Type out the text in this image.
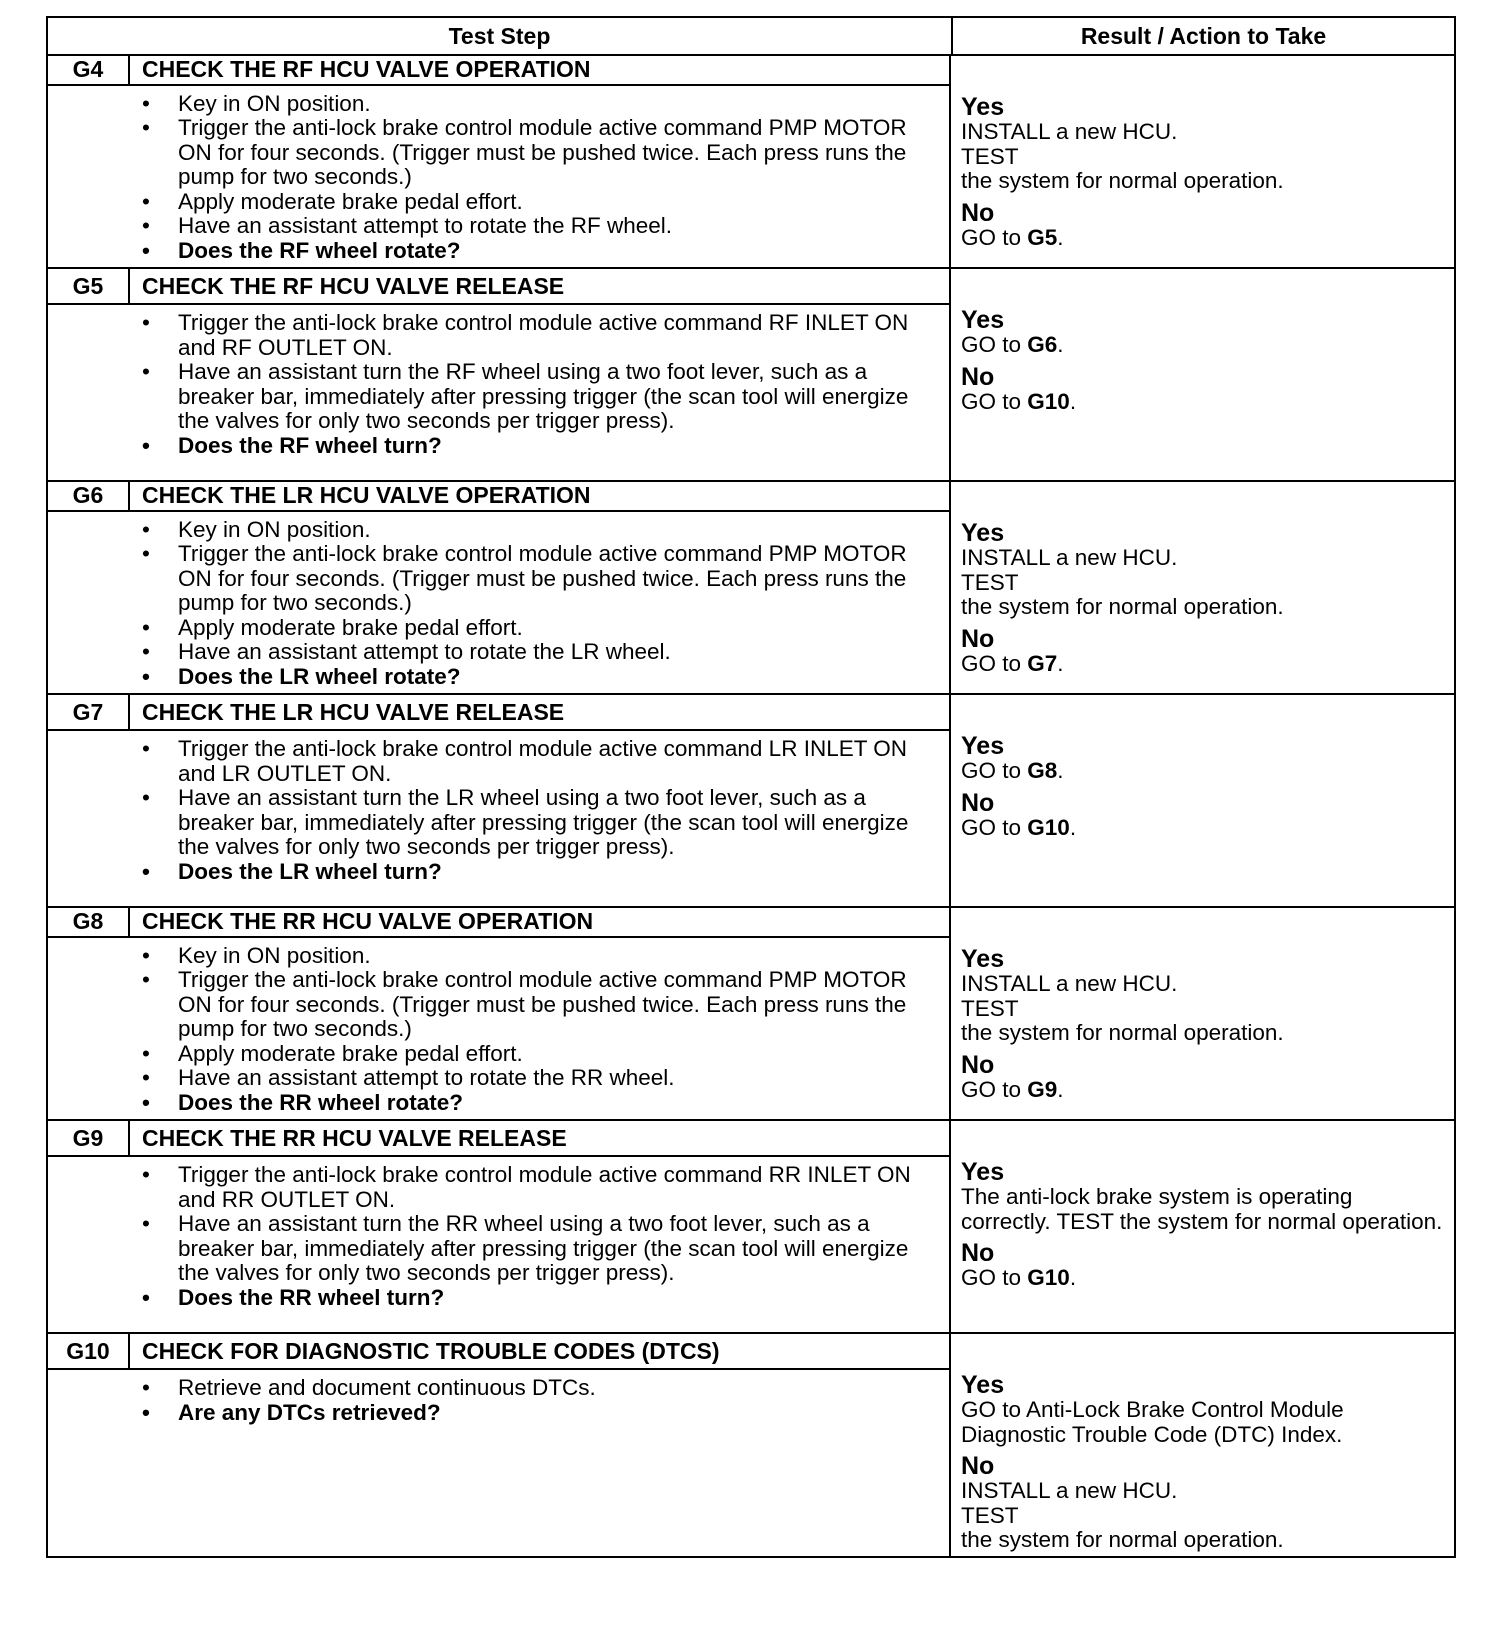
Test Step	Result / Action to Take
G4	CHECK THE RF HCU VALVE OPERATION
• Key in ON position.
• Trigger the anti-lock brake control module active command PMP MOTOR ON for four seconds. (Trigger must be pushed twice. Each press runs the pump for two seconds.)
• Apply moderate brake pedal effort.
• Have an assistant attempt to rotate the RF wheel.
• Does the RF wheel rotate?
Yes
INSTALL a new HCU.
TEST
the system for normal operation.
No
GO to G5.
G5	CHECK THE RF HCU VALVE RELEASE
• Trigger the anti-lock brake control module active command RF INLET ON and RF OUTLET ON.
• Have an assistant turn the RF wheel using a two foot lever, such as a breaker bar, immediately after pressing trigger (the scan tool will energize the valves for only two seconds per trigger press).
• Does the RF wheel turn?
Yes
GO to G6.
No
GO to G10.
G6	CHECK THE LR HCU VALVE OPERATION
• Key in ON position.
• Trigger the anti-lock brake control module active command PMP MOTOR ON for four seconds. (Trigger must be pushed twice. Each press runs the pump for two seconds.)
• Apply moderate brake pedal effort.
• Have an assistant attempt to rotate the LR wheel.
• Does the LR wheel rotate?
Yes
INSTALL a new HCU.
TEST
the system for normal operation.
No
GO to G7.
G7	CHECK THE LR HCU VALVE RELEASE
• Trigger the anti-lock brake control module active command LR INLET ON and LR OUTLET ON.
• Have an assistant turn the LR wheel using a two foot lever, such as a breaker bar, immediately after pressing trigger (the scan tool will energize the valves for only two seconds per trigger press).
• Does the LR wheel turn?
Yes
GO to G8.
No
GO to G10.
G8	CHECK THE RR HCU VALVE OPERATION
• Key in ON position.
• Trigger the anti-lock brake control module active command PMP MOTOR ON for four seconds. (Trigger must be pushed twice. Each press runs the pump for two seconds.)
• Apply moderate brake pedal effort.
• Have an assistant attempt to rotate the RR wheel.
• Does the RR wheel rotate?
Yes
INSTALL a new HCU.
TEST
the system for normal operation.
No
GO to G9.
G9	CHECK THE RR HCU VALVE RELEASE
• Trigger the anti-lock brake control module active command RR INLET ON and RR OUTLET ON.
• Have an assistant turn the RR wheel using a two foot lever, such as a breaker bar, immediately after pressing trigger (the scan tool will energize the valves for only two seconds per trigger press).
• Does the RR wheel turn?
Yes
The anti-lock brake system is operating correctly. TEST the system for normal operation.
No
GO to G10.
G10	CHECK FOR DIAGNOSTIC TROUBLE CODES (DTCS)
• Retrieve and document continuous DTCs.
• Are any DTCs retrieved?
Yes
GO to Anti-Lock Brake Control Module Diagnostic Trouble Code (DTC) Index.
No
INSTALL a new HCU.
TEST
the system for normal operation.
